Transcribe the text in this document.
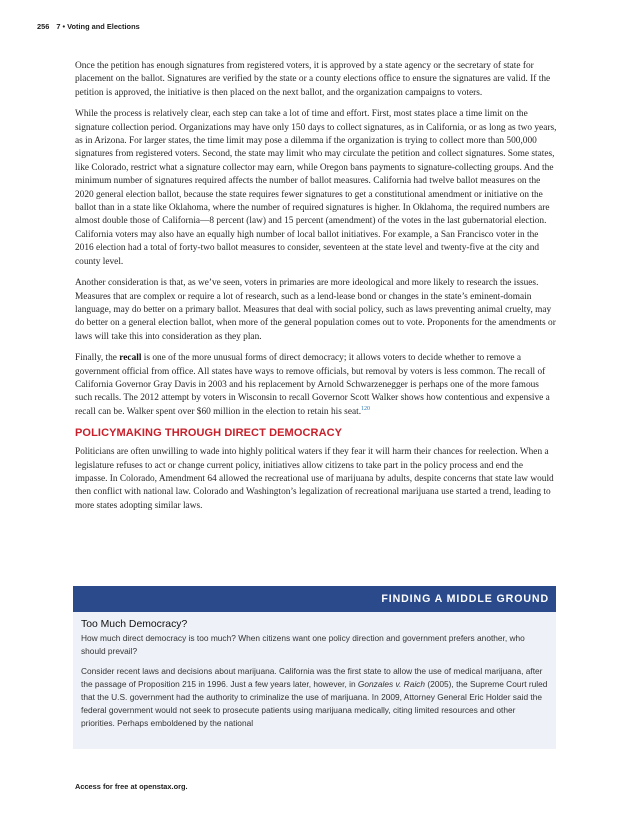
256 7 • Voting and Elections

Once the petition has enough signatures from registered voters, it is approved by a state agency or the secretary of state for placement on the ballot. Signatures are verified by the state or a county elections office to ensure the signatures are valid. If the petition is approved, the initiative is then placed on the next ballot, and the organization campaigns to voters.

While the process is relatively clear, each step can take a lot of time and effort. First, most states place a time limit on the signature collection period. Organizations may have only 150 days to collect signatures, as in California, or as long as two years, as in Arizona. For larger states, the time limit may pose a dilemma if the organization is trying to collect more than 500,000 signatures from registered voters. Second, the state may limit who may circulate the petition and collect signatures. Some states, like Colorado, restrict what a signature collector may earn, while Oregon bans payments to signature-collecting groups. And the minimum number of signatures required affects the number of ballot measures. California had twelve ballot measures on the 2020 general election ballot, because the state requires fewer signatures to get a constitutional amendment or initiative on the ballot than in a state like Oklahoma, where the number of required signatures is higher. In Oklahoma, the required numbers are almost double those of California—8 percent (law) and 15 percent (amendment) of the votes in the last gubernatorial election. California voters may also have an equally high number of local ballot initiatives. For example, a San Francisco voter in the 2016 election had a total of forty-two ballot measures to consider, seventeen at the state level and twenty-five at the city and county level.

Another consideration is that, as we’ve seen, voters in primaries are more ideological and more likely to research the issues. Measures that are complex or require a lot of research, such as a lend-lease bond or changes in the state’s eminent-domain language, may do better on a primary ballot. Measures that deal with social policy, such as laws preventing animal cruelty, may do better on a general election ballot, when more of the general population comes out to vote. Proponents for the amendments or laws will take this into consideration as they plan.

Finally, the recall is one of the more unusual forms of direct democracy; it allows voters to decide whether to remove a government official from office. All states have ways to remove officials, but removal by voters is less common. The recall of California Governor Gray Davis in 2003 and his replacement by Arnold Schwarzenegger is perhaps one of the more famous such recalls. The 2012 attempt by voters in Wisconsin to recall Governor Scott Walker shows how contentious and expensive a recall can be. Walker spent over $60 million in the election to retain his seat.$^{120}$

POLICYMAKING THROUGH DIRECT DEMOCRACY

Politicians are often unwilling to wade into highly political waters if they fear it will harm their chances for reelection. When a legislature refuses to act or change current policy, initiatives allow citizens to take part in the policy process and end the impasse. In Colorado, Amendment 64 allowed the recreational use of marijuana by adults, despite concerns that state law would then conflict with national law. Colorado and Washington’s legalization of recreational marijuana use started a trend, leading to more states adopting similar laws.

FINDING A MIDDLE GROUND
Too Much Democracy?

How much direct democracy is too much? When citizens want one policy direction and government prefers another, who should prevail?

Consider recent laws and decisions about marijuana. California was the first state to allow the use of medical marijuana, after the passage of Proposition 215 in 1996. Just a few years later, however, in Gonzales v. Raich (2005), the Supreme Court ruled that the U.S. government had the authority to criminalize the use of marijuana. In 2009, Attorney General Eric Holder said the federal government would not seek to prosecute patients using marijuana medically, citing limited resources and other priorities. Perhaps emboldened by the national

Access for free at openstax.org.
